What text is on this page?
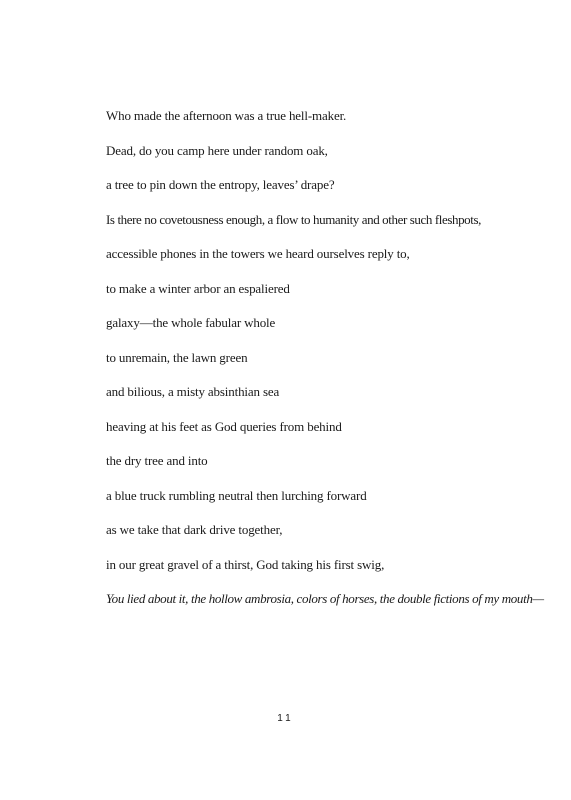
Who made the afternoon was a true hell-maker.
Dead, do you camp here under random oak,
a tree to pin down the entropy, leaves’ drape?
Is there no covetousness enough, a flow to humanity and other such fleshpots,
accessible phones in the towers we heard ourselves reply to,
to make a winter arbor an espaliered
galaxy—the whole fabular whole
to unremain, the lawn green
and bilious, a misty absinthian sea
heaving at his feet as God queries from behind
the dry tree and into
a blue truck rumbling neutral then lurching forward
as we take that dark drive together,
in our great gravel of a thirst, God taking his first swig,
You lied about it, the hollow ambrosia, colors of horses, the double fictions of my mouth—
11
